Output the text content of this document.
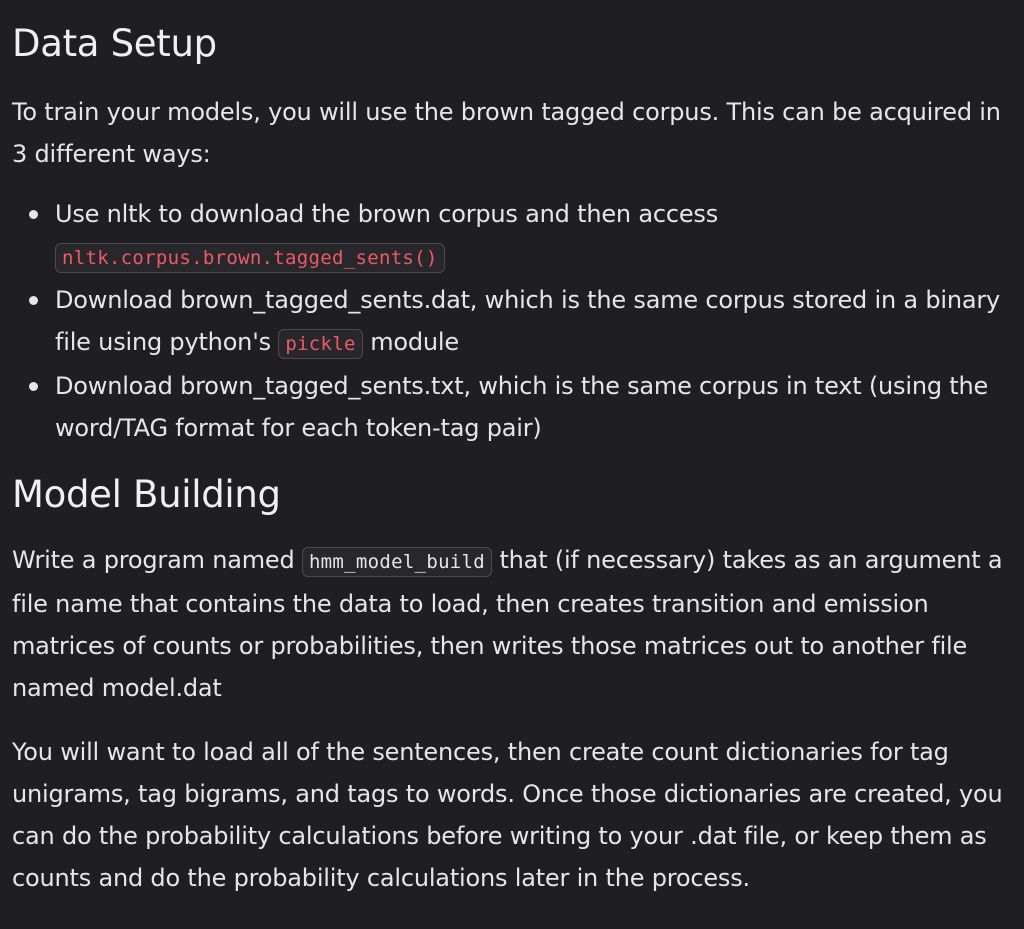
Data Setup

To train your models, you will use the brown tagged corpus. This can be acquired in 3 different ways:

Use nltk to download the brown corpus and then access
nltk.corpus.brown.tagged_sents()
Download brown_tagged_sents.dat, which is the same corpus stored in a binary file using python's pickle module
Download brown_tagged_sents.txt, which is the same corpus in text (using the word/TAG format for each token-tag pair)
Model Building

Write a program named hmm_model_build that (if necessary) takes as an argument a file name that contains the data to load, then creates transition and emission matrices of counts or probabilities, then writes those matrices out to another file named model.dat

You will want to load all of the sentences, then create count dictionaries for tag unigrams, tag bigrams, and tags to words. Once those dictionaries are created, you can do the probability calculations before writing to your .dat file, or keep them as counts and do the probability calculations later in the process.
